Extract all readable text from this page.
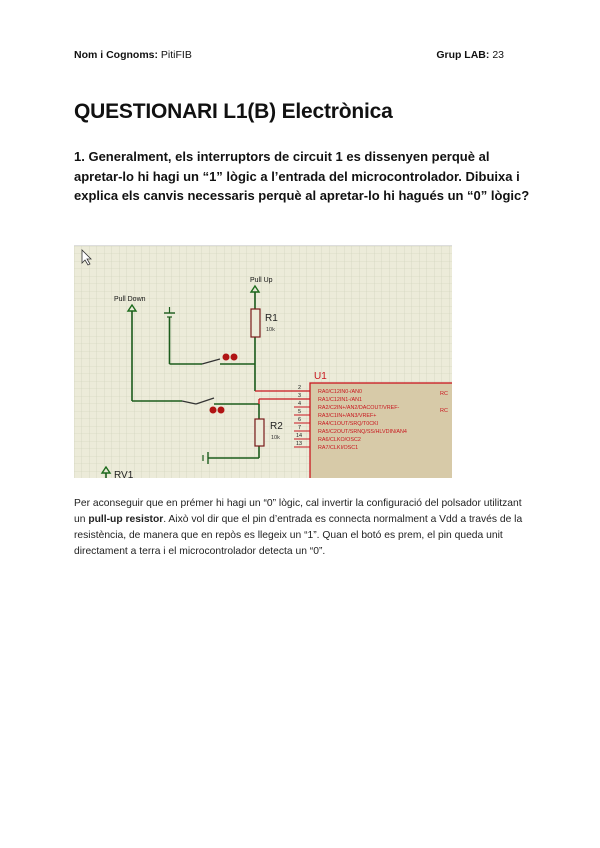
Nom i Cognoms: PitiFIB	Grup LAB: 23
QUESTIONARI L1(B) Electrònica

1. Generalment, els interruptors de circuit 1 es dissenyen perquè al apretar-lo hi hagi un “1” lògic a l’entrada del microcontrolador. Dibuixa i explica els canvis necessaris perquè al apretar-lo hi hagués un “0” lògic?

Pull Up
R1
10k
Pull Down
R2
10k
U1
RC
RC
2
3
4
5
6
7
14
13
RA0/C12IN0-/AN0
RA1/C12IN1-/AN1
RA2/C2IN+/AN2/DACOUT/VREF-
RA3/C1IN+/AN3/VREF+
RA4/C1OUT/SRQ/T0CKI
RA5/C2OUT/SRNQ/SS/HLVDIN/AN4
RA6/CLKO/OSC2
RA7/CLKI/OSC1
RV1

Per aconseguir que en prémer hi hagi un “0” lògic, cal invertir la configuració del polsador utilitzant un pull-up resistor. Això vol dir que el pin d’entrada es connecta normalment a Vdd a través de la resistència, de manera que en repòs es llegeix un “1”. Quan el botó es prem, el pin queda unit directament a terra i el microcontrolador detecta un “0”.
